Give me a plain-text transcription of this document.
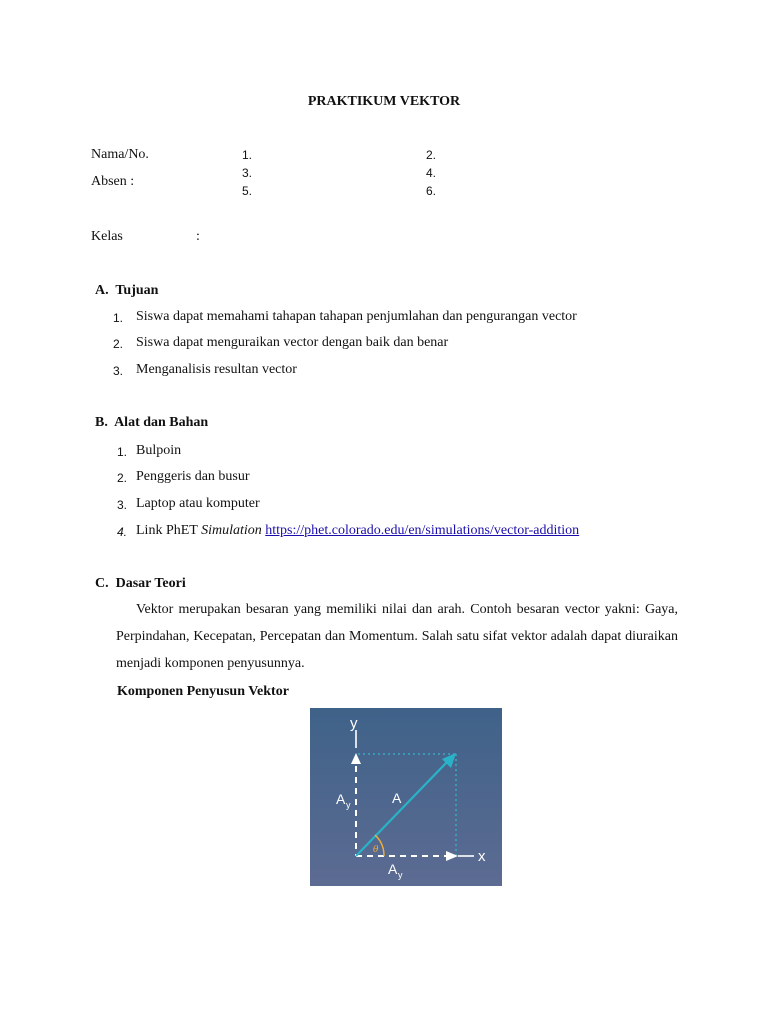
PRAKTIKUM VEKTOR
Nama/No.
Absen :
1.
3.
5.
2.
4.
6.
Kelas	:
A.  Tujuan
1. Siswa dapat memahami tahapan tahapan penjumlahan dan pengurangan vector
2. Siswa dapat menguraikan vector dengan baik dan benar
3. Menganalisis resultan vector
B.  Alat dan Bahan
1. Bulpoin
2. Penggeris dan busur
3. Laptop atau komputer
4. Link PhET Simulation https://phet.colorado.edu/en/simulations/vector-addition
C.  Dasar Teori
Vektor merupakan besaran yang memiliki nilai dan arah. Contoh besaran vector yakni: Gaya, Perpindahan, Kecepatan, Percepatan dan Momentum. Salah satu sifat vektor adalah dapat diuraikan menjadi komponen penyusunnya.
Komponen Penyusun Vektor
y
x
A
A y
A y
θ
